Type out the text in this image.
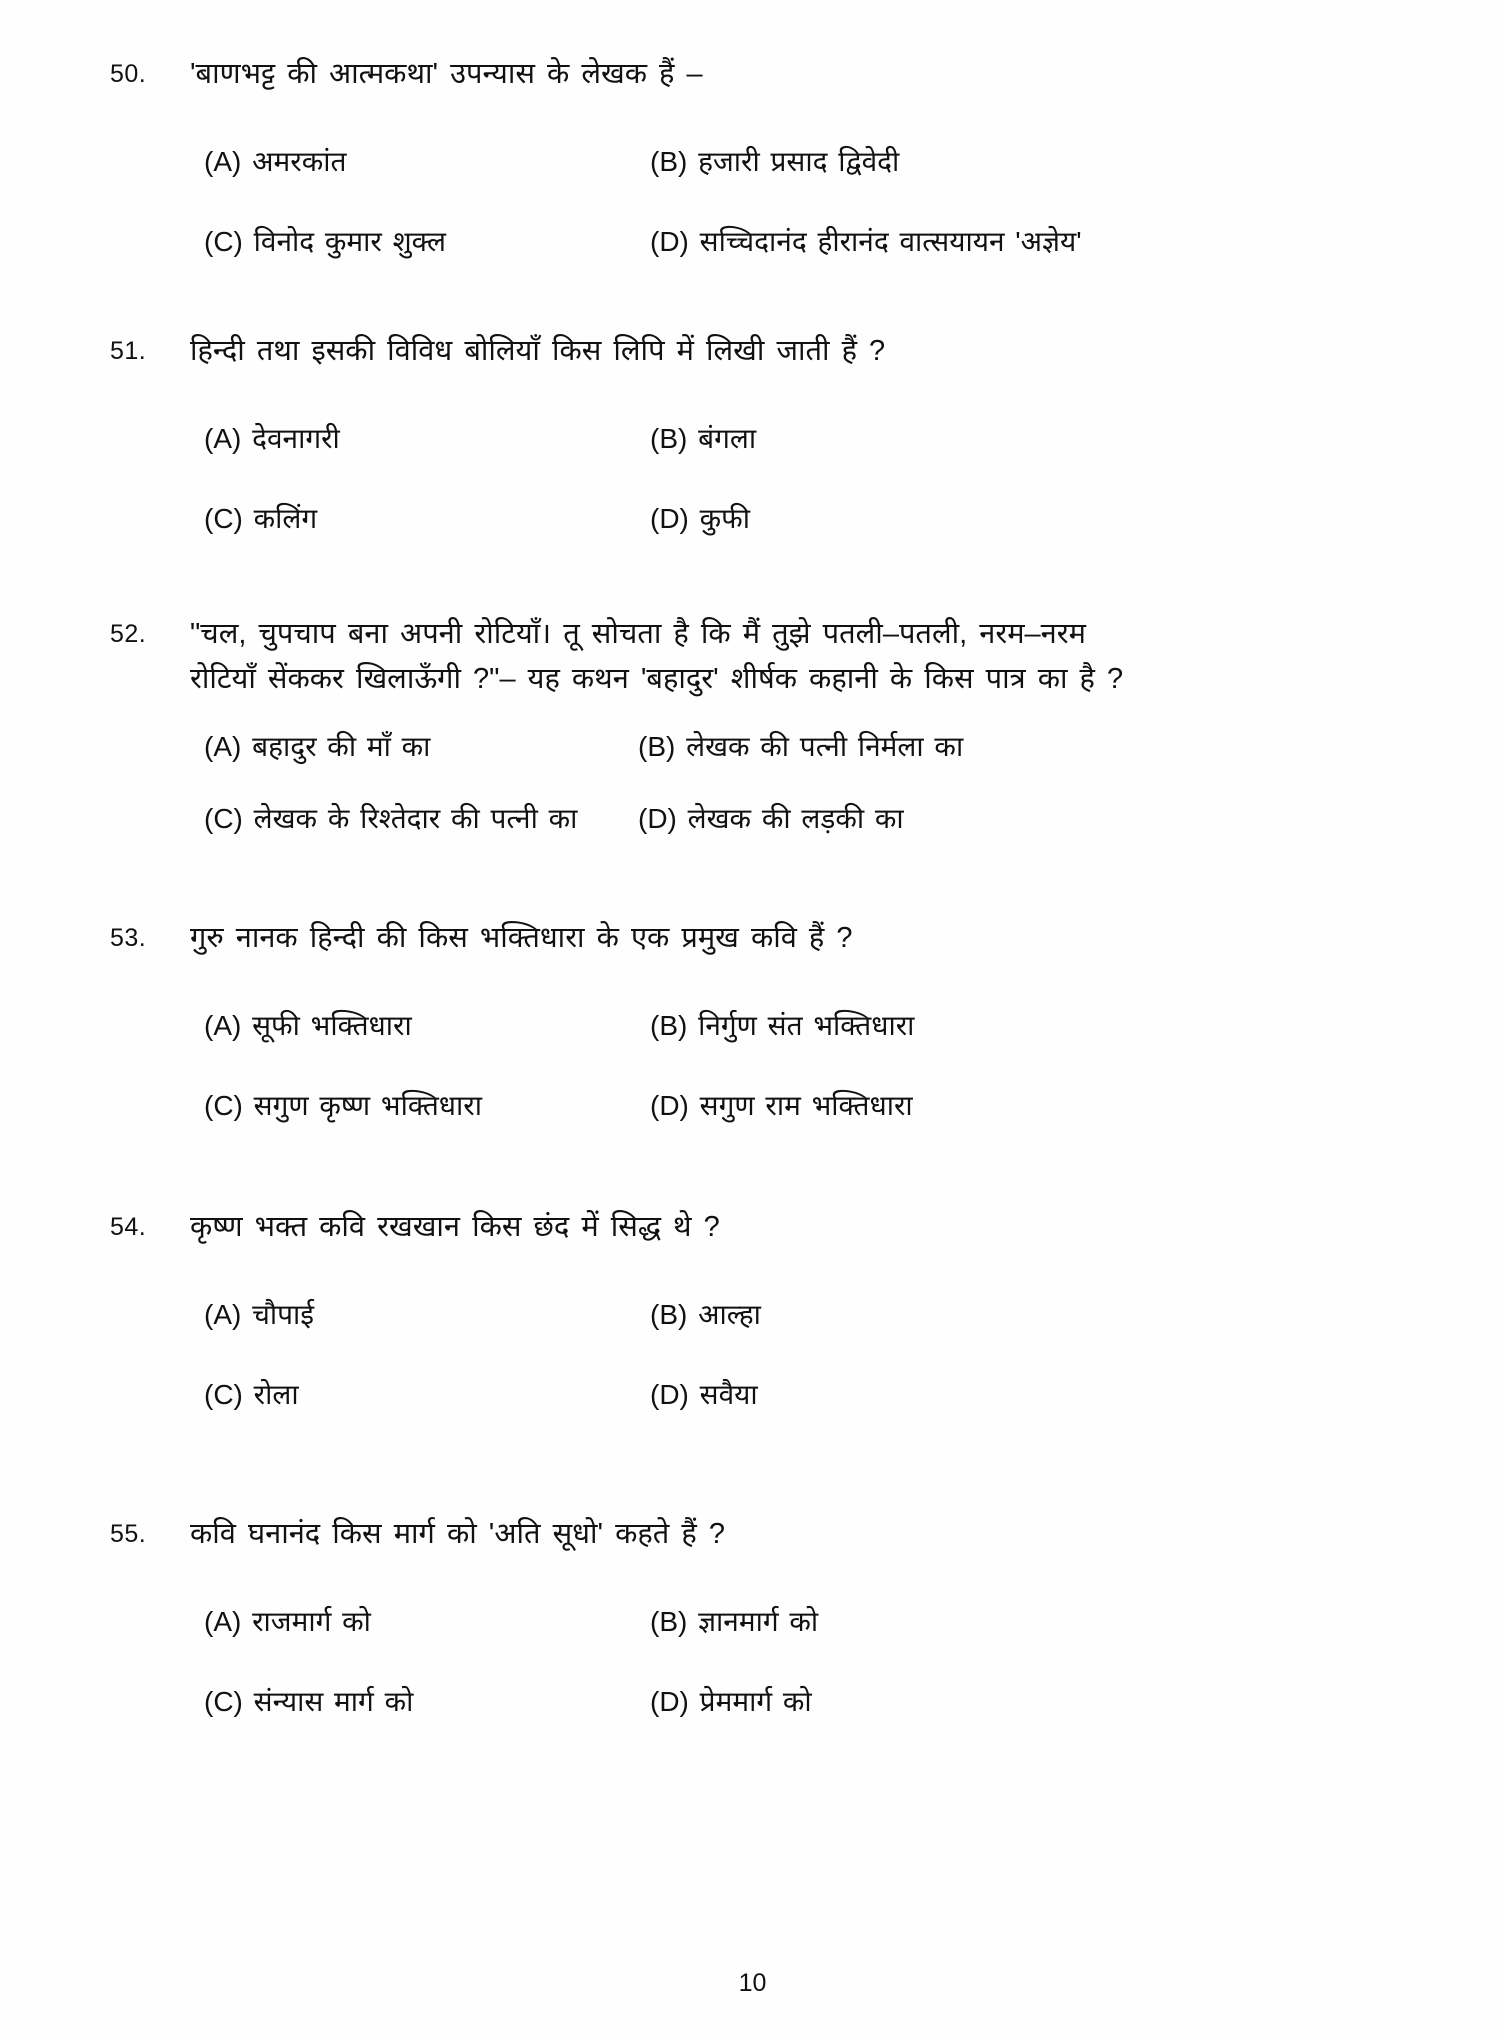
50.	'बाणभट्ट की आत्मकथा' उपन्यास के लेखक हैं –
(A) अमरकांत	(B) हजारी प्रसाद द्विवेदी
(C) विनोद कुमार शुक्ल	(D) सच्चिदानंद हीरानंद वात्सयायन 'अज्ञेय'
51.	हिन्दी तथा इसकी विविध बोलियाँ किस लिपि में लिखी जाती हैं ?
(A) देवनागरी	(B) बंगला
(C) कलिंग	(D) कुफी
52.	"चल, चुपचाप बना अपनी रोटियाँ। तू सोचता है कि मैं तुझे पतली–पतली, नरम–नरम
रोटियाँ सेंककर खिलाऊँगी ?"– यह कथन 'बहादुर' शीर्षक कहानी के किस पात्र का है ?
(A) बहादुर की माँ का	(B) लेखक की पत्नी निर्मला का
(C) लेखक के रिश्तेदार की पत्नी का	(D) लेखक की लड़की का
53.	गुरु नानक हिन्दी की किस भक्तिधारा के एक प्रमुख कवि हैं ?
(A) सूफी भक्तिधारा	(B) निर्गुण संत भक्तिधारा
(C) सगुण कृष्ण भक्तिधारा	(D) सगुण राम भक्तिधारा
54.	कृष्ण भक्त कवि रखखान किस छंद में सिद्ध थे ?
(A) चौपाई	(B) आल्हा
(C) रोला	(D) सवैया
55.	कवि घनानंद किस मार्ग को 'अति सूधो' कहते हैं ?
(A) राजमार्ग को	(B) ज्ञानमार्ग को
(C) संन्यास मार्ग को	(D) प्रेममार्ग को
10
